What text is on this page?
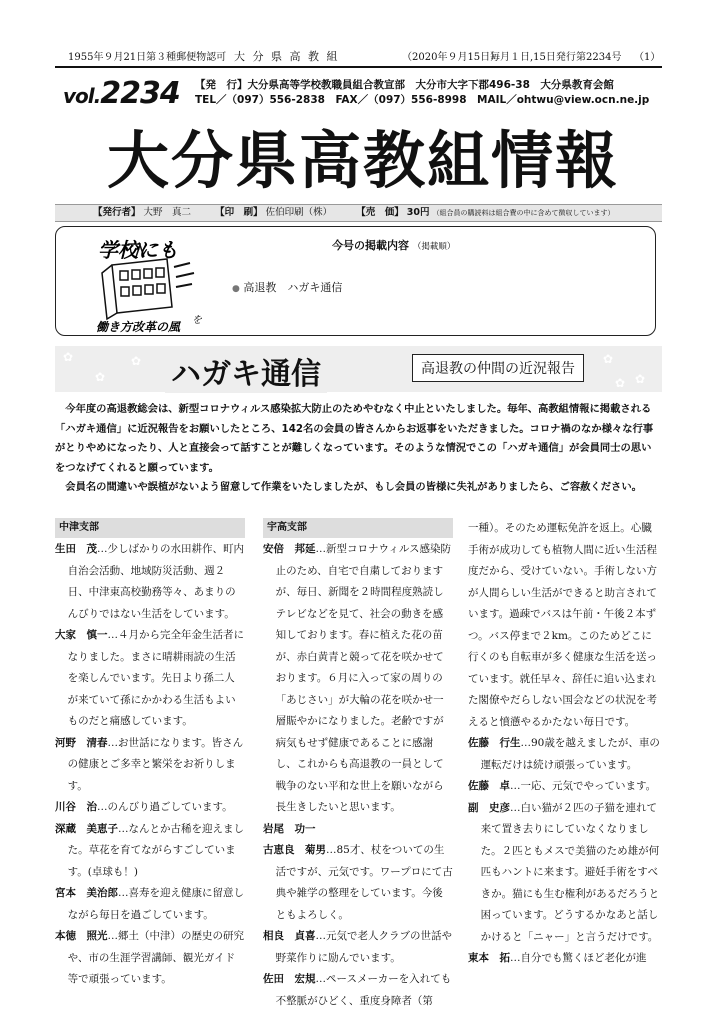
1955年９月21日第３種郵便物認可 大 分 県 高 教 組	（2020年９月15日）
毎月１日,15日発行 第2234号 （1）
vol.2234 【発　行】大分県高等学校教職員組合教宣部　大分市大字下郡496-38　大分県教育会館
TEL／（097）556-2838　FAX／（097）556-8998　MAIL／ohtwu@view.ocn.ne.jp
大分県高教組情報
【発行者】 大野　真二	【印　刷】 佐伯印刷（株）	【売　価】 30円 （組合員の購読料は組合費の中に含めて徴収しています）
学校にも
働き方改革の風 を
今号の掲載内容 （掲載順）
● 高退教　ハガキ通信
✿
✿
✿	✿
✿
✿
ハガキ通信	高退教の仲間の近況報告

今年度の高退教総会は、新型コロナウィルス感染拡大防止のためやむなく中止といたしました。毎年、高教組情報に掲載される「ハガキ通信」に近況報告をお願いしたところ、142名の会員の皆さんからお返事をいただきました。コロナ禍のなか様々な行事がとりやめになったり、人と直接会って話すことが難しくなっています。そのような情況でこの「ハガキ通信」が会員同士の思いをつなげてくれると願っています。

会員名の間違いや誤植がないよう留意して作業をいたしましたが、もし会員の皆様に失礼がありましたら、ご容赦ください。

中津支部
生田　茂…少しばかりの水田耕作、町内自治会活動、地域防災活動、週２日、中津東高校勤務等々、あまりのんびりではない生活をしています。
大家　慎一…４月から完全年金生活者になりました。まさに晴耕雨読の生活を楽しんでいます。先日より孫二人が来ていて孫にかかわる生活もよいものだと痛感しています。
河野　清春…お世話になります。皆さんの健康とご多幸と繁栄をお祈りします。
川谷　治…のんびり過ごしています。
深蔵　美恵子…なんとか古稀を迎えました。草花を育てながらすごしています。(卓球も！)
宮本　美治郎…喜寿を迎え健康に留意しながら毎日を過ごしています。
本徳　照光…郷土（中津）の歴史の研究や、市の生涯学習講師、観光ガイド等で頑張っています。
宇高支部
安倍　邦延…新型コロナウィルス感染防止のため、自宅で自粛しておりますが、毎日、新聞を２時間程度熟読しテレビなどを見て、社会の動きを感知しております。春に植えた花の苗が、赤白黄青と競って花を咲かせております。６月に入って家の周りの「あじさい」が大輪の花を咲かせ一層賑やかになりました。老齢ですが病気もせず健康であることに感謝し、これからも高退教の一員として戦争のない平和な世上を願いながら長生きしたいと思います。
岩尾　功一
古恵良　菊男…85才、杖をついての生活ですが、元気です。ワープロにて古典や雑学の整理をしています。今後ともよろしく。
相良　貞喜…元気で老人クラブの世話や野菜作りに励んでいます。
佐田　宏規…ペースメーカーを入れても不整脈がひどく、重度身障者（第
一種）。そのため運転免許を返上。心臓手術が成功しても植物人間に近い生活程度だから、受けていない。手術しない方が人間らしい生活ができると助言されています。過疎でバスは午前・午後２本ずつ。バス停まで２km。このためどこに行くのも自転車が多く健康な生活を送っています。就任早々、辞任に追い込まれた閣僚やだらしない国会などの状況を考えると憤懣やるかたない毎日です。
佐藤　行生…90歳を越えましたが、車の運転だけは続け頑張っています。
佐藤　卓…一応、元気でやっています。
副　史彦…白い猫が２匹の子猫を連れて来て置き去りにしていなくなりました。２匹ともメスで美猫のため雄が何匹もハントに来ます。避妊手術をすべきか。猫にも生む権利があるだろうと困っています。どうするかなあと話しかけると「ニャー」と言うだけです。
東本　拓…自分でも驚くほど老化が進
